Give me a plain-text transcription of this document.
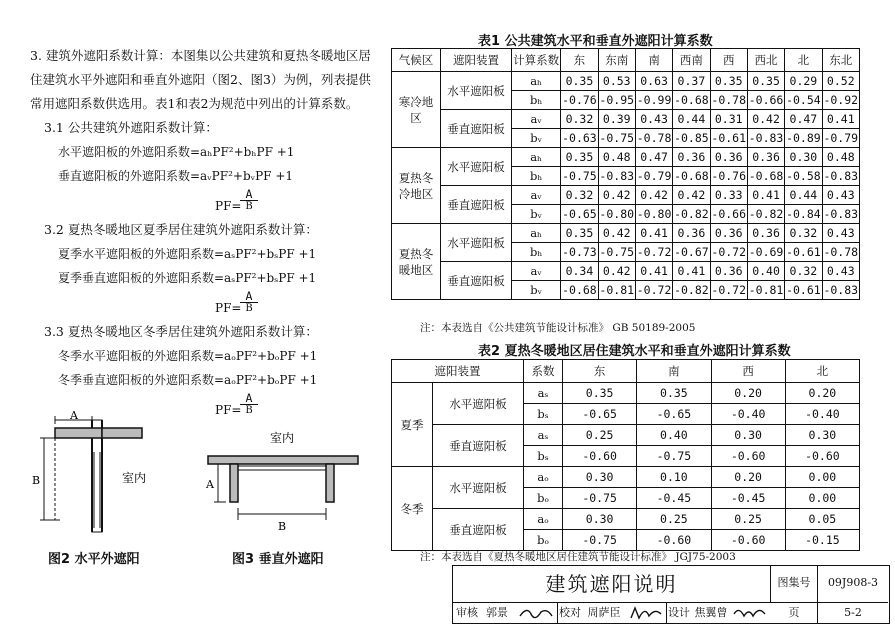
3. 建筑外遮阳系数计算：本图集以公共建筑和夏热冬暖地区居住建筑水平外遮阳和垂直外遮阳（图2、图3）为例，列表提供常用遮阳系数供选用。表1和表2为规范中列出的计算系数。

3.1 公共建筑外遮阳系数计算：

水平遮阳板的外遮阳系数=aₕPF²+bₕPF +1

垂直遮阳板的外遮阳系数=aᵥPF²+bᵥPF +1

PF=
$\frac{A}{B}$

3.2 夏热冬暖地区夏季居住建筑外遮阳系数计算：

夏季水平遮阳板的外遮阳系数=aₛPF²+bₛPF +1

夏季垂直遮阳板的外遮阳系数=aₛPF²+bₛPF +1

PF=
$\frac{A}{B}$

3.3 夏热冬暖地区冬季居住建筑外遮阳系数计算：

冬季水平遮阳板的外遮阳系数=aₒPF²+bₒPF +1

冬季垂直遮阳板的外遮阳系数=aₒPF²+bₒPF +1

PF=
$\frac{A}{B}$
A
B	室内
图2 水平外遮阳
室内
A
B
图3 垂直外遮阳
表1 公共建筑水平和垂直外遮阳计算系数
气候区	遮阳装置	计算系数	东	东南	南	西南	西	西北	北	东北
寒冷地区	水平遮阳板	aₕ	0.35	0.53	0.63	0.37	0.35	0.35	0.29	0.52
		bₕ	-0.76	-0.95	-0.99	-0.68	-0.78	-0.66	-0.54	-0.92
	垂直遮阳板	aᵥ	0.32	0.39	0.43	0.44	0.31	0.42	0.47	0.41
		bᵥ	-0.63	-0.75	-0.78	-0.85	-0.61	-0.83	-0.89	-0.79
夏热冬冷地区	水平遮阳板	aₕ	0.35	0.48	0.47	0.36	0.36	0.36	0.30	0.48
		bₕ	-0.75	-0.83	-0.79	-0.68	-0.76	-0.68	-0.58	-0.83
	垂直遮阳板	aᵥ	0.32	0.42	0.42	0.42	0.33	0.41	0.44	0.43
		bᵥ	-0.65	-0.80	-0.80	-0.82	-0.66	-0.82	-0.84	-0.83
夏热冬暖地区	水平遮阳板	aₕ	0.35	0.42	0.41	0.36	0.36	0.36	0.32	0.43
		bₕ	-0.73	-0.75	-0.72	-0.67	-0.72	-0.69	-0.61	-0.78
	垂直遮阳板	aᵥ	0.34	0.42	0.41	0.41	0.36	0.40	0.32	0.43
		bᵥ	-0.68	-0.81	-0.72	-0.82	-0.72	-0.81	-0.61	-0.83
注：本表选自《公共建筑节能设计标准》 GB 50189-2005
表2 夏热冬暖地区居住建筑水平和垂直外遮阳计算系数
遮阳装置		系数	东	南	西	北
夏季	水平遮阳板	aₛ	0.35	0.35	0.20	0.20
		bₛ	-0.65	-0.65	-0.40	-0.40
	垂直遮阳板	aₛ	0.25	0.40	0.30	0.30
		bₛ	-0.60	-0.75	-0.60	-0.60
冬季	水平遮阳板	aₒ	0.30	0.10	0.20	0.00
		bₒ	-0.75	-0.45	-0.45	0.00
	垂直遮阳板	aₒ	0.30	0.25	0.25	0.05
		bₒ	-0.75	-0.60	-0.60	-0.15
注：本表选自《夏热冬暖地区居住建筑节能设计标准》 JGJ75-2003
建筑遮阳说明	图集号	09J908-3
页	5-2
审核 郭景	校对 周萨臣	设计 焦翼曾
